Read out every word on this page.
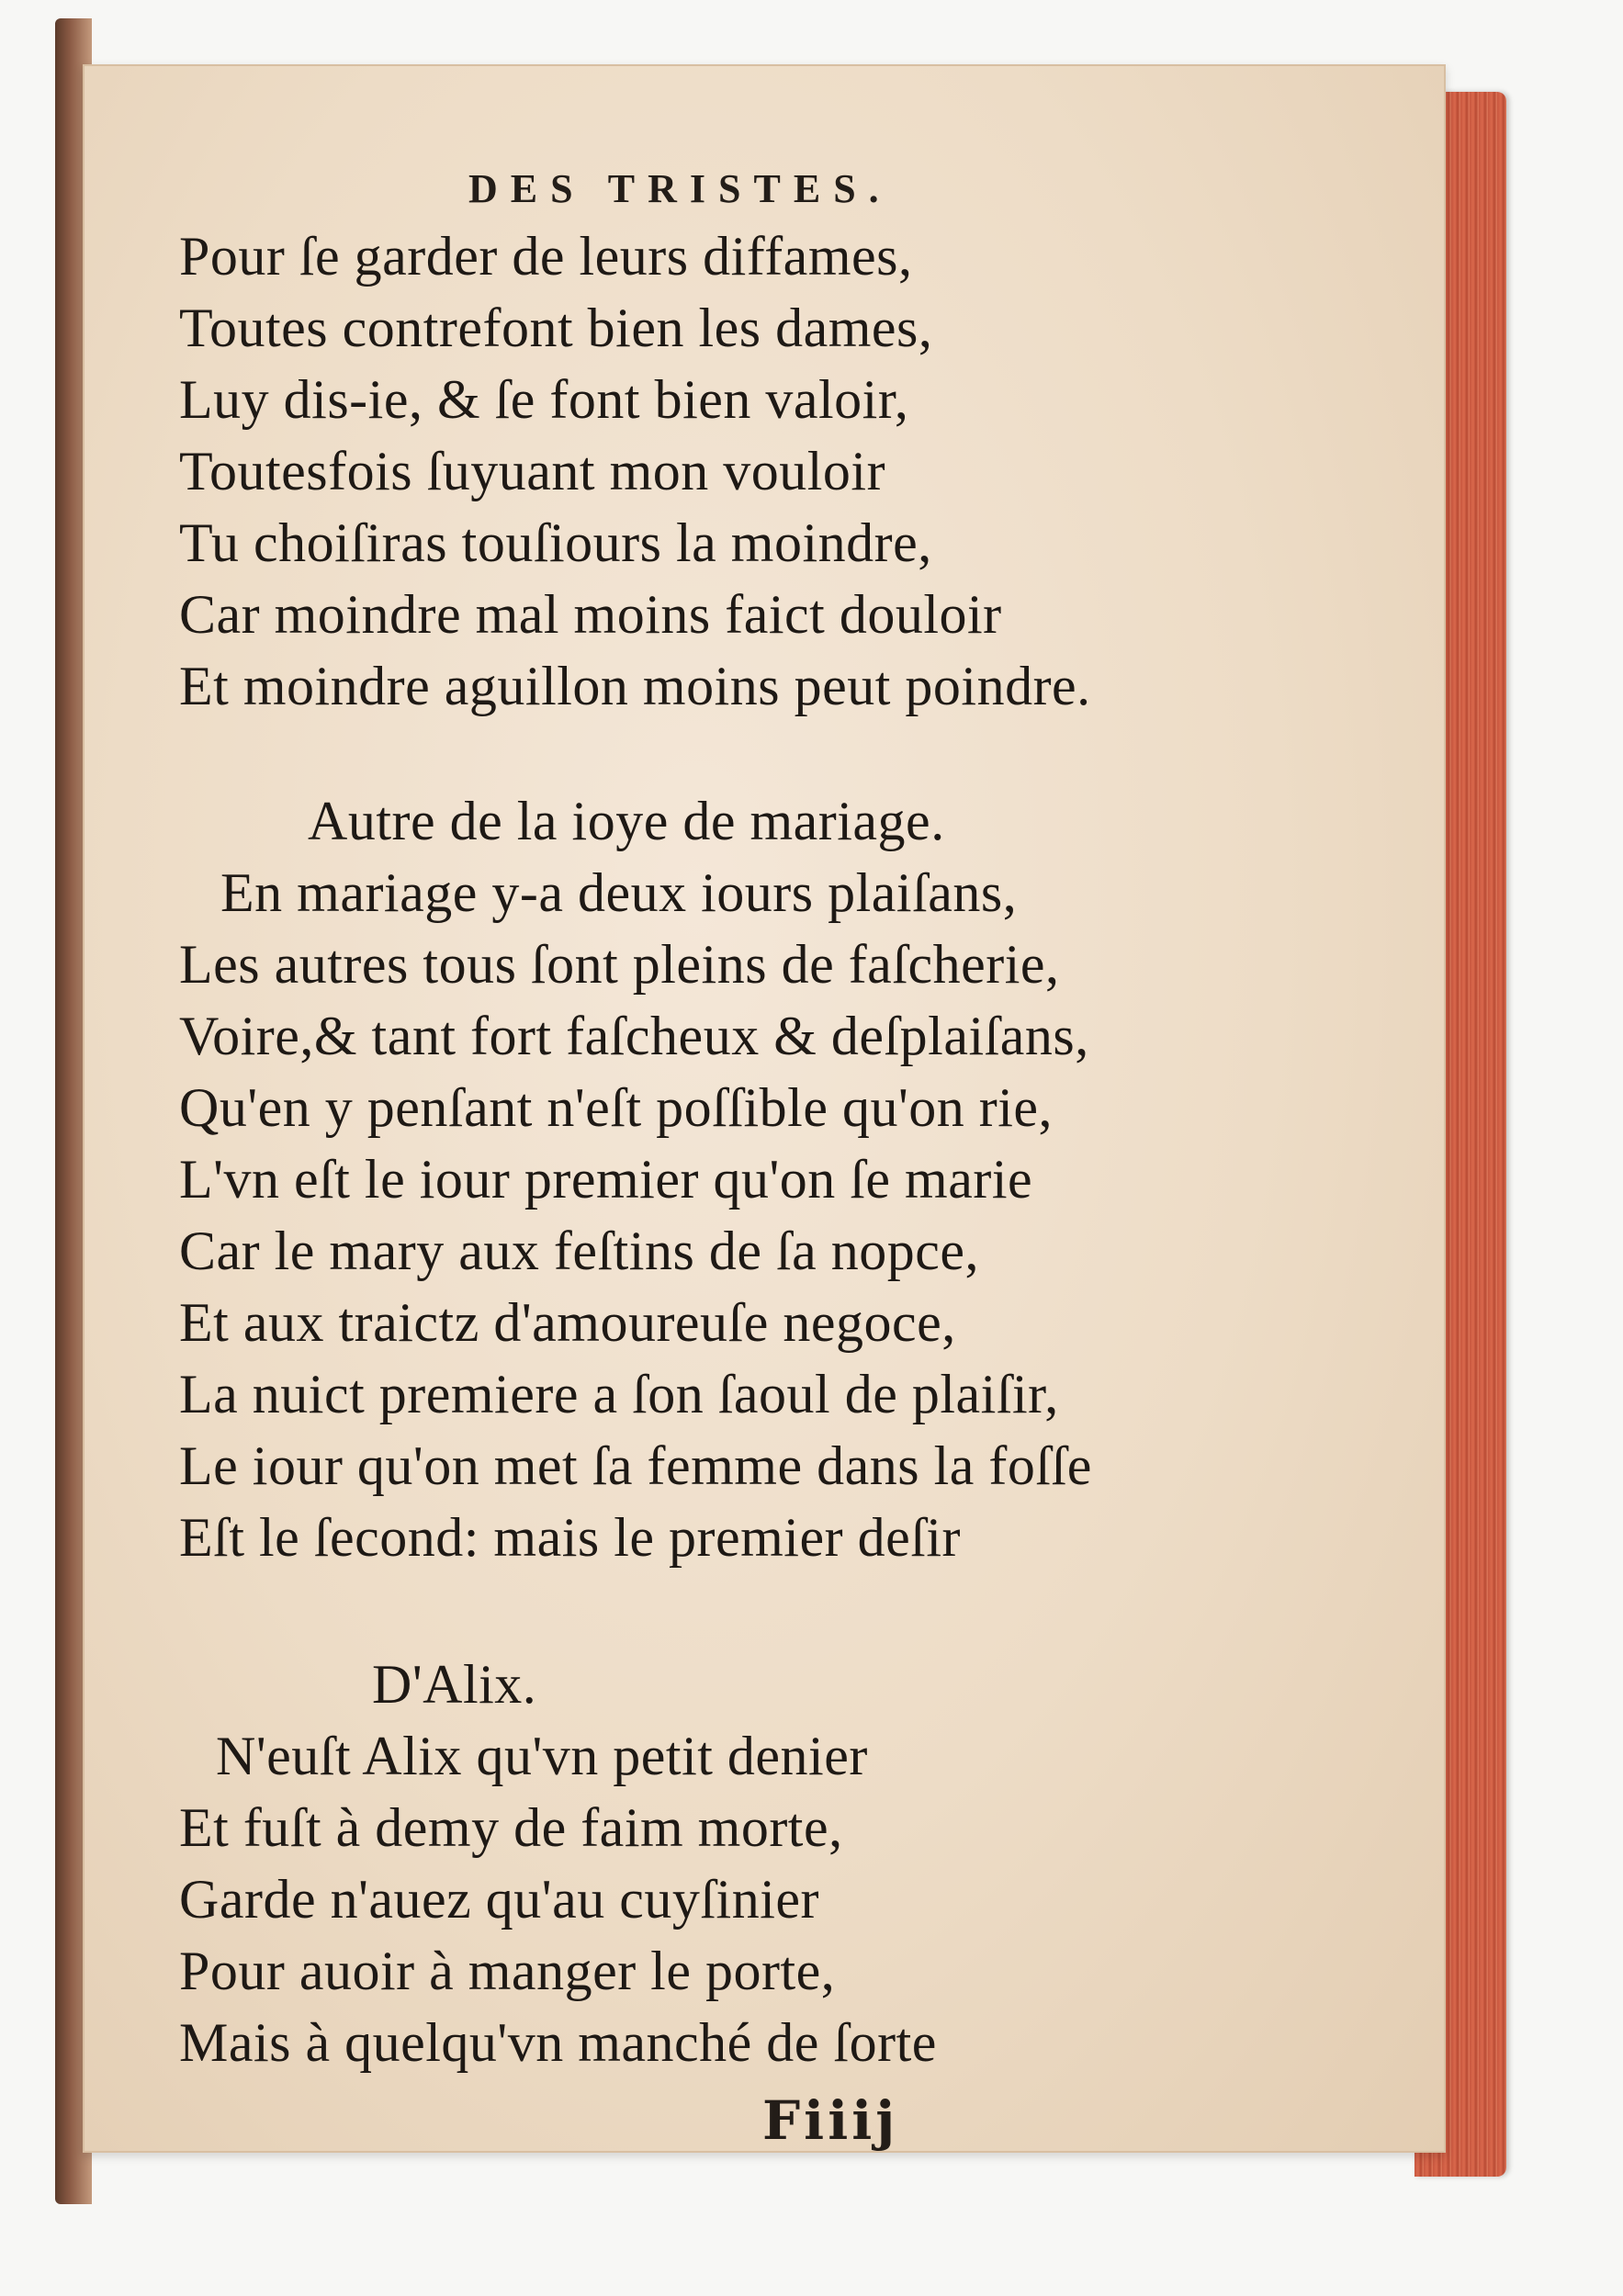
DES TRISTES.
Pour ſe garder de leurs diffames,
Toutes contrefont bien les dames,
Luy dis-ie, & ſe font bien valoir,
Toutesfois ſuyuant mon vouloir
Tu choiſiras touſiours la moindre,
Car moindre mal moins faict douloir
Et moindre aguillon moins peut poindre.
Autre de la ioye de mariage.
En mariage y-a deux iours plaiſans,
Les autres tous ſont pleins de faſcherie,
Voire,& tant fort faſcheux & deſplaiſans,
Qu'en y penſant n'eſt poſſible qu'on rie,
L'vn eſt le iour premier qu'on ſe marie
Car le mary aux feſtins de ſa nopce,
Et aux traictz d'amoureuſe negoce,
La nuict premiere a ſon ſaoul de plaiſir,
Le iour qu'on met ſa femme dans la foſſe
Eſt le ſecond: mais le premier deſir
D'Alix.
N'euſt Alix qu'vn petit denier
Et fuſt à demy de faim morte,
Garde n'auez qu'au cuyſinier
Pour auoir à manger le porte,
Mais à quelqu'vn manché de ſorte
Fiiij
